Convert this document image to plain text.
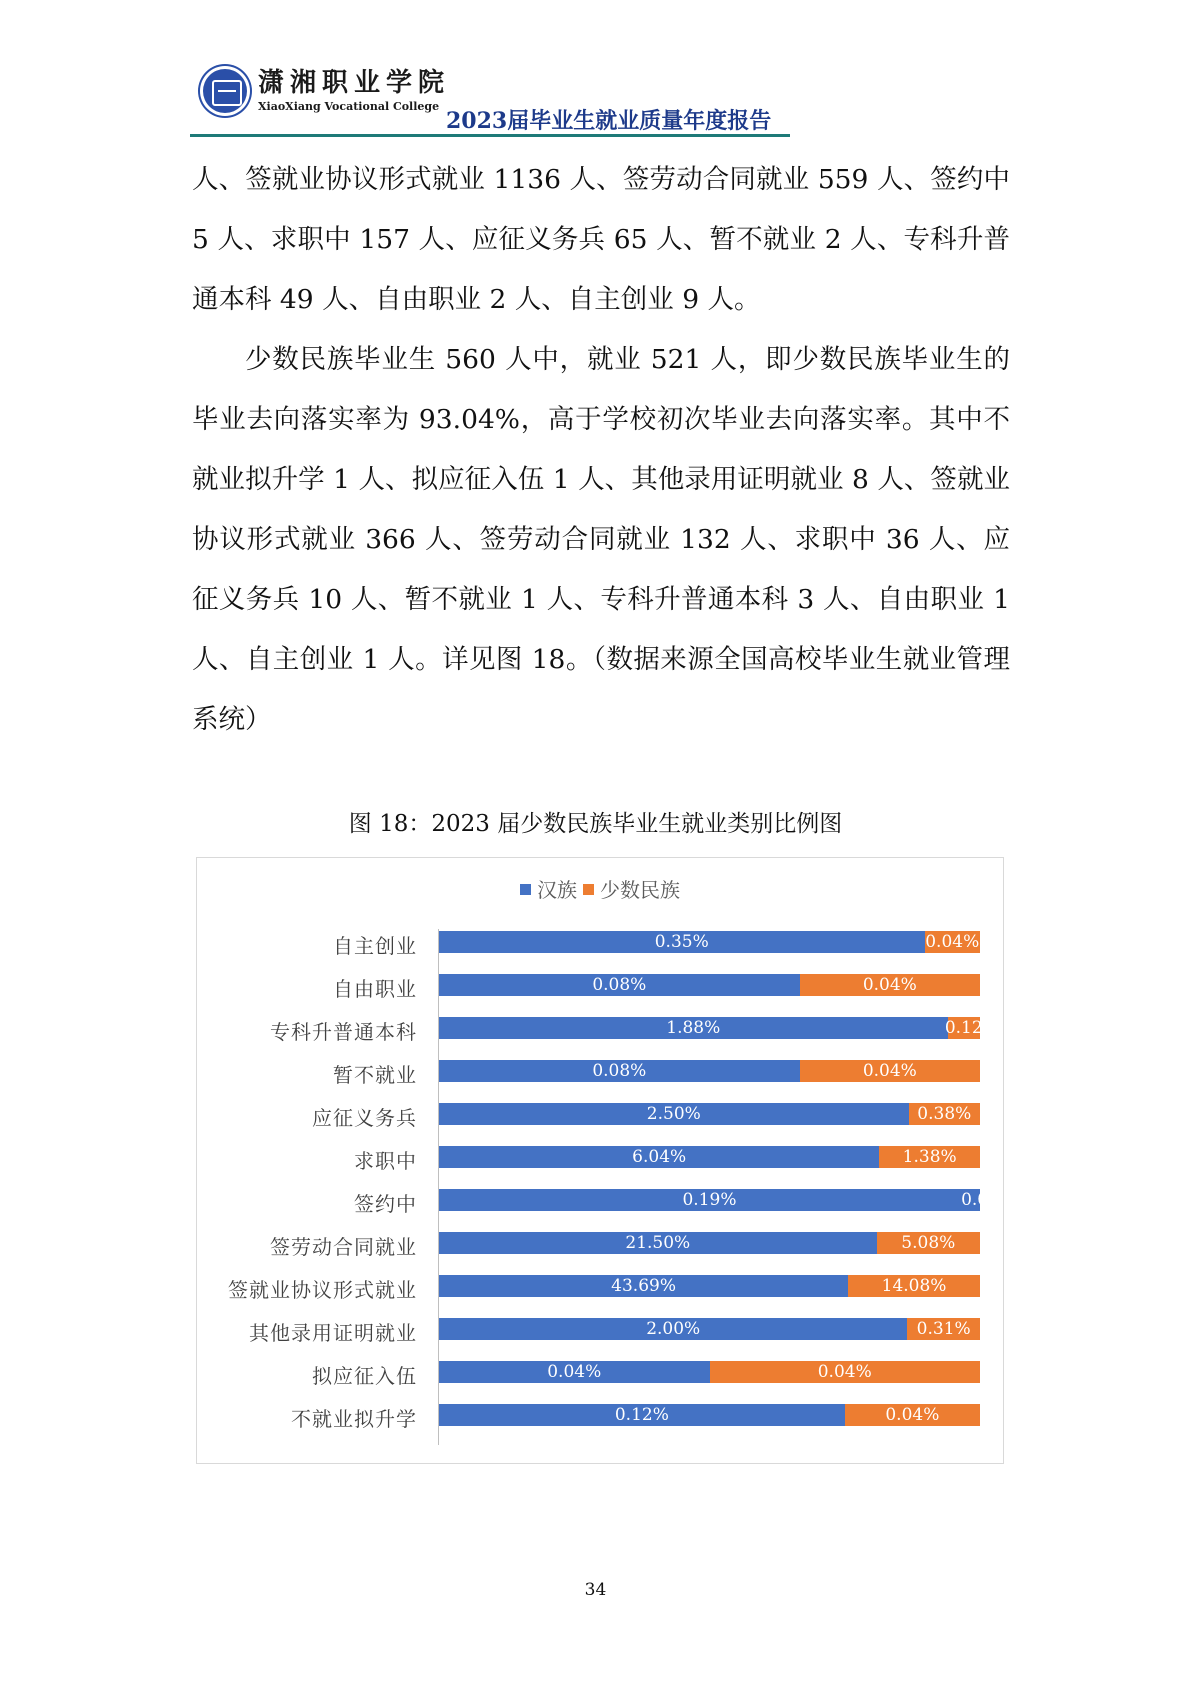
潇湘职业学院
XiaoXiang Vocational College
2023届毕业生就业质量年度报告

人、签就业协议形式就业 1136 人、签劳动合同就业 559 人、签约中 5 人、求职中 157 人、应征义务兵 65 人、暂不就业 2 人、专科升普通本科 49 人、自由职业 2 人、自主创业 9 人。

少数民族毕业生 560 人中，就业 521 人，即少数民族毕业生的毕业去向落实率为 93.04%，高于学校初次毕业去向落实率。其中不就业拟升学 1 人、拟应征入伍 1 人、其他录用证明就业 8 人、签就业协议形式就业 366 人、签劳动合同就业 132 人、求职中 36 人、应征义务兵 10 人、暂不就业 1 人、专科升普通本科 3 人、自由职业 1 人、自主创业 1 人。详见图 18。（数据来源全国高校毕业生就业管理系统）

图 18：2023 届少数民族毕业生就业类别比例图
汉族 少数民族
自主创业	0.35%	0.04%
自由职业	0.08%	0.04%
专科升普通本科	1.88%	0.12
暂不就业	0.08%	0.04%
应征义务兵	2.50%	0.38%
求职中	6.04%	1.38%
签约中	0.19%	0.00
签劳动合同就业	21.50%	5.08%
签就业协议形式就业	43.69%	14.08%
其他录用证明就业	2.00%	0.31%
拟应征入伍	0.04%	0.04%
不就业拟升学	0.12%	0.04%
34
